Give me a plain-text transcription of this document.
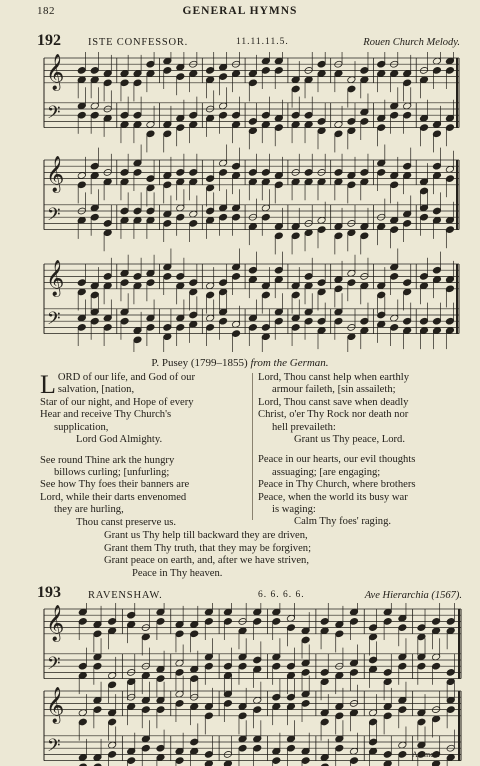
182	GENERAL HYMNS
192	ISTE CONFESSOR.	11.11.11.5.	Rouen Church Melody.
𝄞
𝄢
𝄞
𝄢
𝄞
𝄢
P. Pusey (1799–1855) from the German.
L ORD of our life, and God of our
salvation, [nation,
Star of our night, and Hope of every
Hear and receive Thy Church's
supplication,
Lord God Almighty.
See round Thine ark the hungry
billows curling; [unfurling;
See how Thy foes their banners are
Lord, while their darts envenomed
they are hurling,
Thou canst preserve us.
Lord, Thou canst help when earthly
armour faileth, [sin assaileth;
Lord, Thou canst save when deadly
Christ, o'er Thy Rock nor death nor
hell prevaileth:
Grant us Thy peace, Lord.
Peace in our hearts, our evil thoughts
assuaging; [are engaging;
Peace in Thy Church, where brothers
Peace, when the world its busy war
is waging:
Calm Thy foes' raging.
Grant us Thy help till backward they are driven,
Grant them Thy truth, that they may be forgiven;
Grant peace on earth, and, after we have striven,
Peace in Thy heaven.
193	RAVENSHAW.	6. 6. 6. 6.	Ave Hierarchia (1567).
𝄞
𝄢
𝄞
𝄢	A - men.
